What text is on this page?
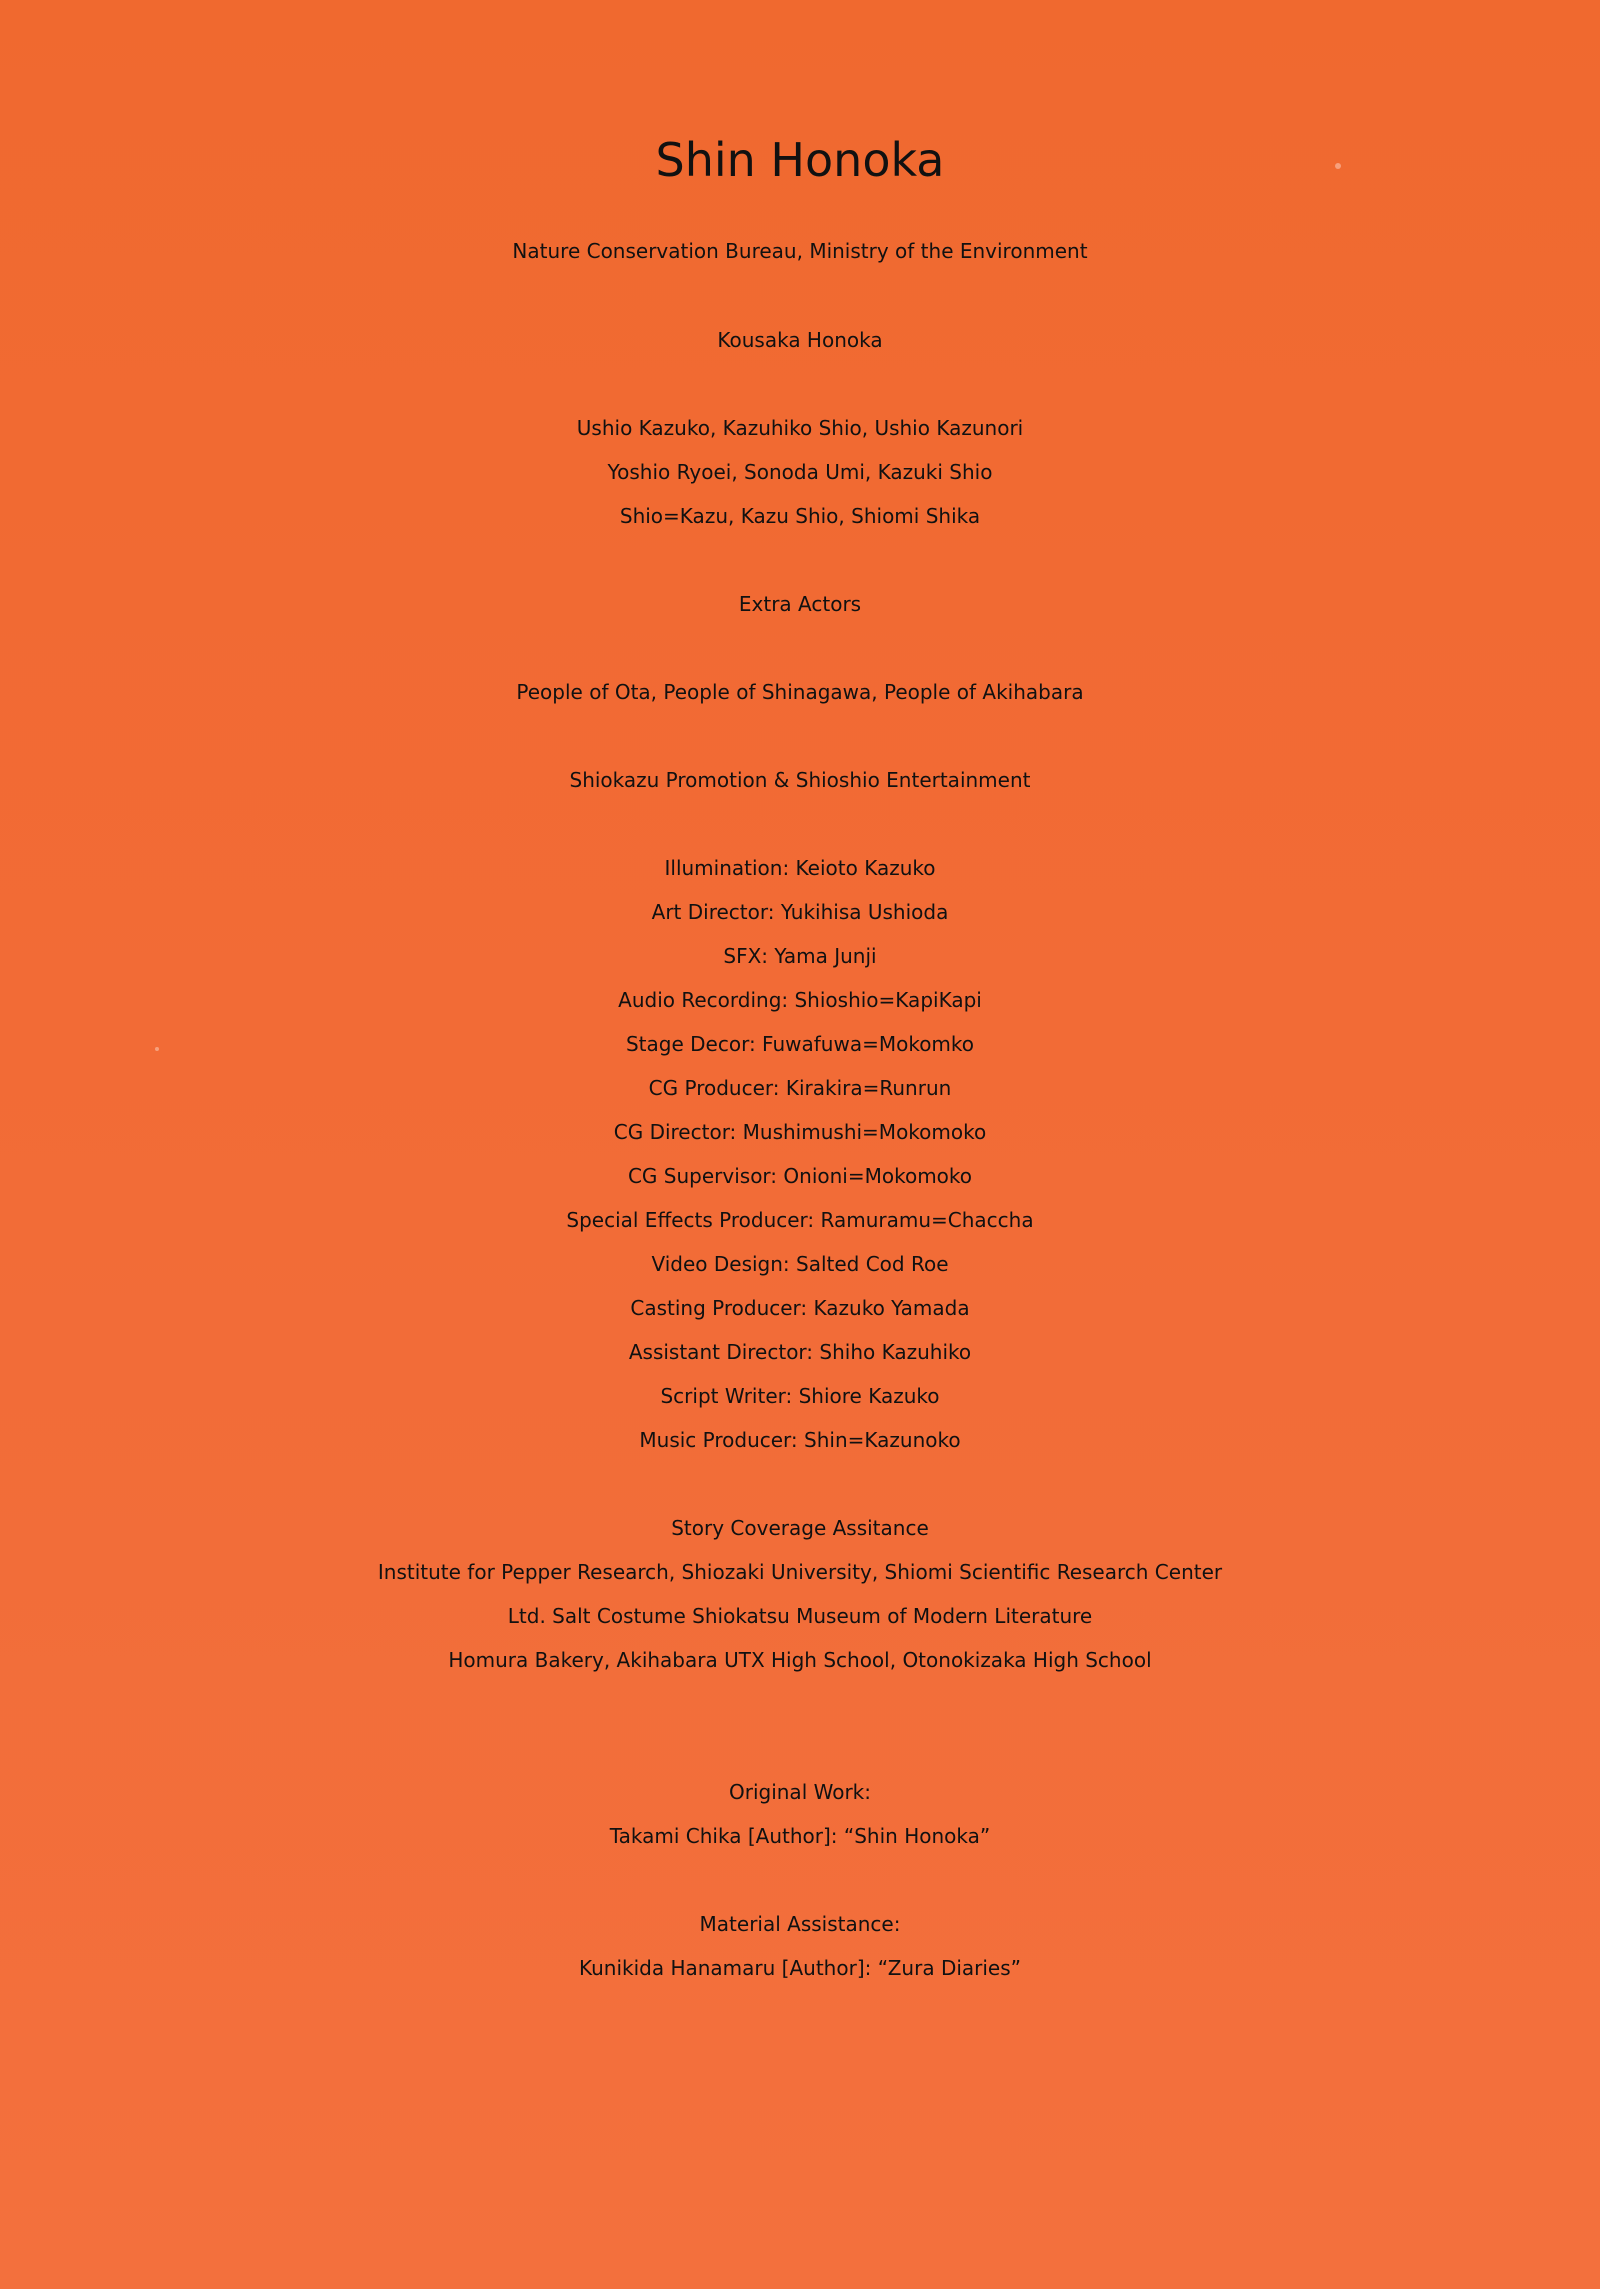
Shin Honoka
Nature Conservation Bureau, Ministry of the Environment
Kousaka Honoka
Ushio Kazuko, Kazuhiko Shio, Ushio Kazunori
Yoshio Ryoei, Sonoda Umi, Kazuki Shio
Shio=Kazu, Kazu Shio, Shiomi Shika
Extra Actors
People of Ota, People of Shinagawa, People of Akihabara
Shiokazu Promotion & Shioshio Entertainment
Illumination: Keioto Kazuko
Art Director: Yukihisa Ushioda
SFX: Yama Junji
Audio Recording: Shioshio=KapiKapi
Stage Decor: Fuwafuwa=Mokomko
CG Producer: Kirakira=Runrun
CG Director: Mushimushi=Mokomoko
CG Supervisor: Onioni=Mokomoko
Special Effects Producer: Ramuramu=Chaccha
Video Design: Salted Cod Roe
Casting Producer: Kazuko Yamada
Assistant Director: Shiho Kazuhiko
Script Writer: Shiore Kazuko
Music Producer: Shin=Kazunoko
Story Coverage Assitance
Institute for Pepper Research, Shiozaki University, Shiomi Scientific Research Center
Ltd. Salt Costume Shiokatsu Museum of Modern Literature
Homura Bakery, Akihabara UTX High School, Otonokizaka High School
Original Work:
Takami Chika [Author]: “Shin Honoka”
Material Assistance:
Kunikida Hanamaru [Author]: “Zura Diaries”
